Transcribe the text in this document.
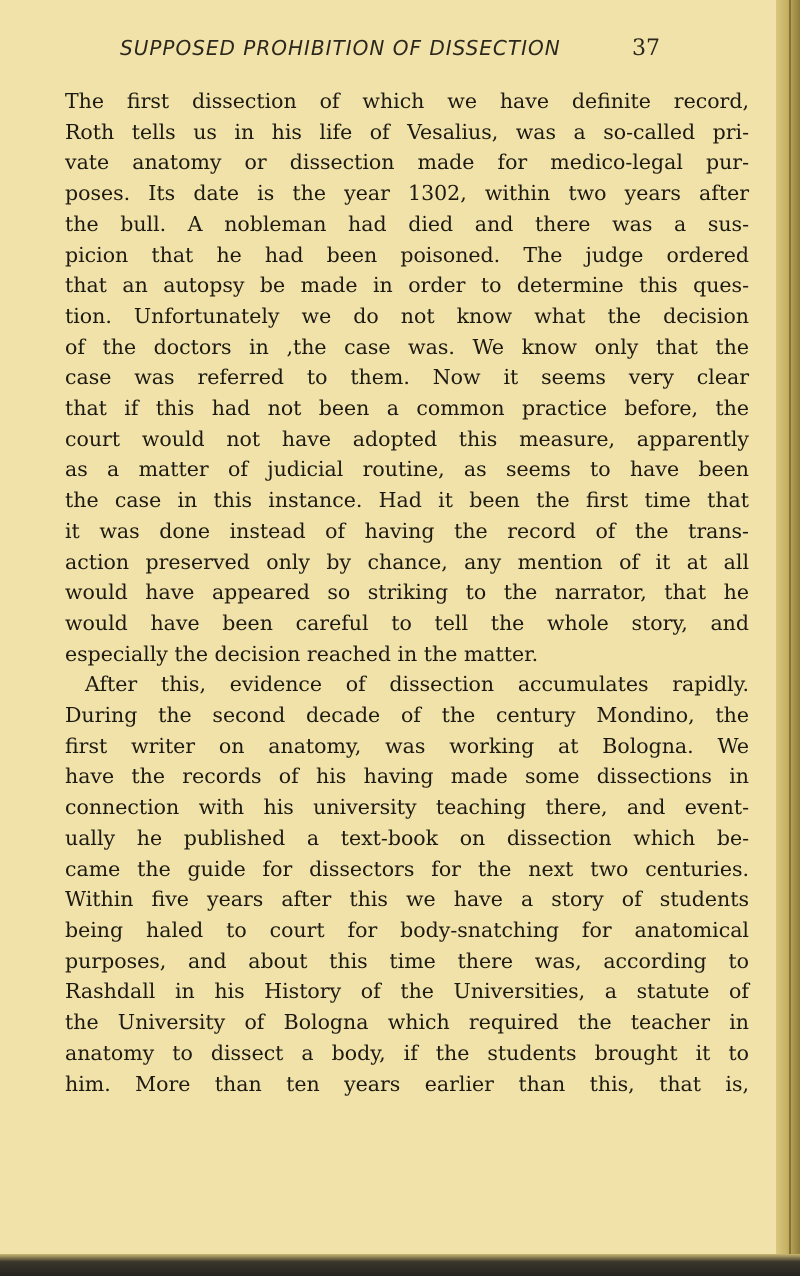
SUPPOSED PROHIBITION OF DISSECTION	37
The first dissection of which we have definite record,
Roth tells us in his life of Vesalius, was a so-called pri-
vate anatomy or dissection made for medico-legal pur-
poses. Its date is the year 1302, within two years after
the bull. A nobleman had died and there was a sus-
picion that he had been poisoned. The judge ordered
that an autopsy be made in order to determine this ques-
tion. Unfortunately we do not know what the decision
of the doctors in ,the case was. We know only that the
case was referred to them. Now it seems very clear
that if this had not been a common practice before, the
court would not have adopted this measure, apparently
as a matter of judicial routine, as seems to have been
the case in this instance. Had it been the first time that
it was done instead of having the record of the trans-
action preserved only by chance, any mention of it at all
would have appeared so striking to the narrator, that he
would have been careful to tell the whole story, and
especially the decision reached in the matter.
After this, evidence of dissection accumulates rapidly.
During the second decade of the century Mondino, the
first writer on anatomy, was working at Bologna. We
have the records of his having made some dissections in
connection with his university teaching there, and event-
ually he published a text-book on dissection which be-
came the guide for dissectors for the next two centuries.
Within five years after this we have a story of students
being haled to court for body-snatching for anatomical
purposes, and about this time there was, according to
Rashdall in his History of the Universities, a statute of
the University of Bologna which required the teacher in
anatomy to dissect a body, if the students brought it to
him. More than ten years earlier than this, that is,
